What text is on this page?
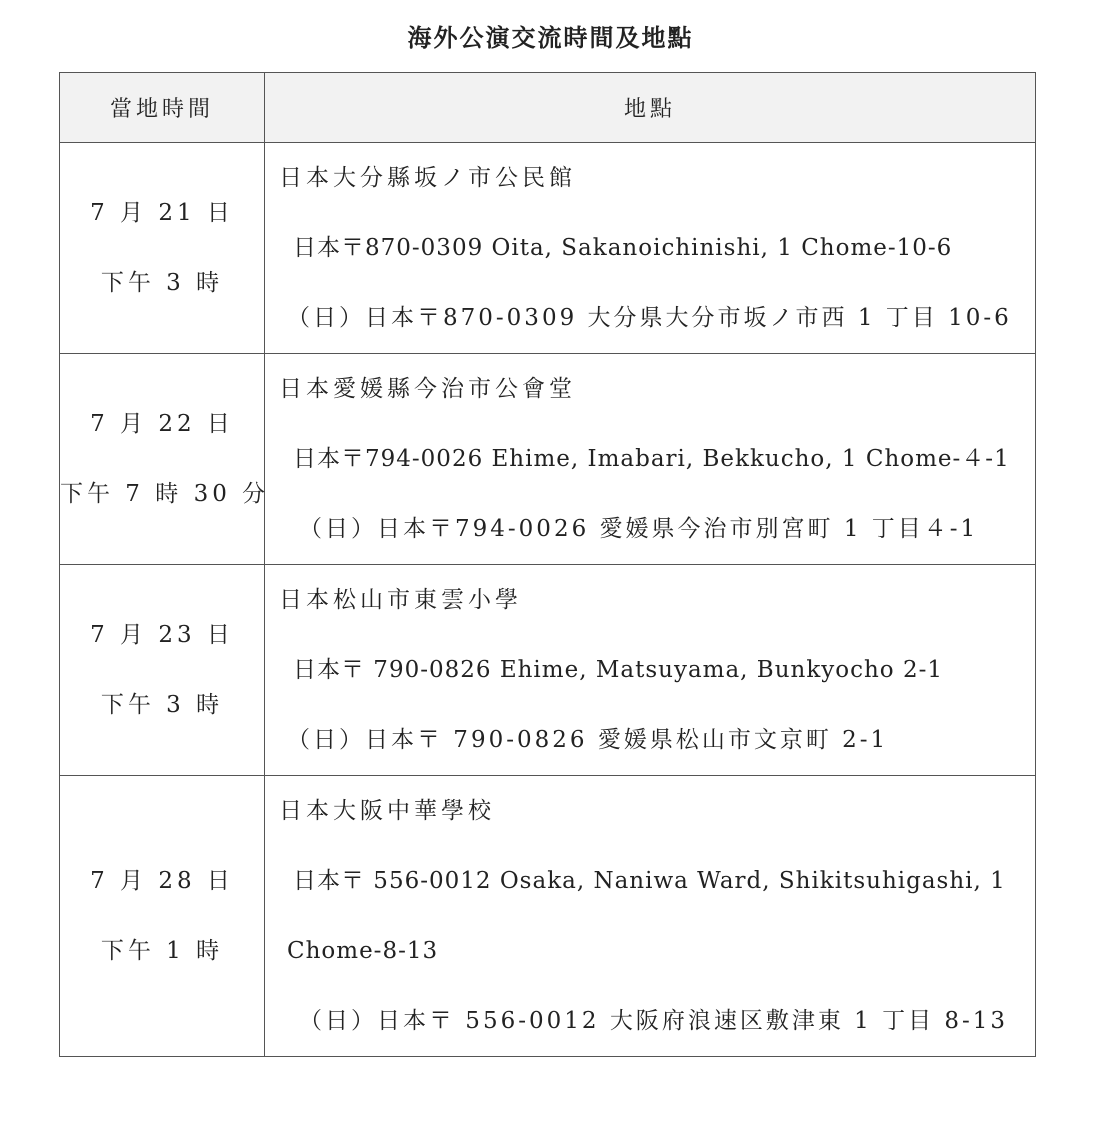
海外公演交流時間及地點
當地時間	地點

7 月 21 日
下午 3 時	日本大分縣坂ノ市公民館
日本〒870-0309 Oita, Sakanoichinishi, 1 Chome-10-6
（日）日本〒870-0309 大分県大分市坂ノ市西 1 丁目 10-6

7 月 22 日
下午 7 時 30 分	日本愛媛縣今治市公會堂
日本〒794-0026 Ehime, Imabari, Bekkucho, 1 Chome-４-1
（日）日本〒794-0026 愛媛県今治市別宮町 1 丁目４-1

7 月 23 日
下午 3 時	日本松山市東雲小學
日本〒 790-0826 Ehime, Matsuyama, Bunkyocho 2-1
（日）日本〒 790-0826 愛媛県松山市文京町 2-1

7 月 28 日
下午 1 時	日本大阪中華學校
日本〒 556-0012 Osaka, Naniwa Ward, Shikitsuhigashi, 1
Chome-8-13
（日）日本〒 556-0012 大阪府浪速区敷津東 1 丁目 8-13
